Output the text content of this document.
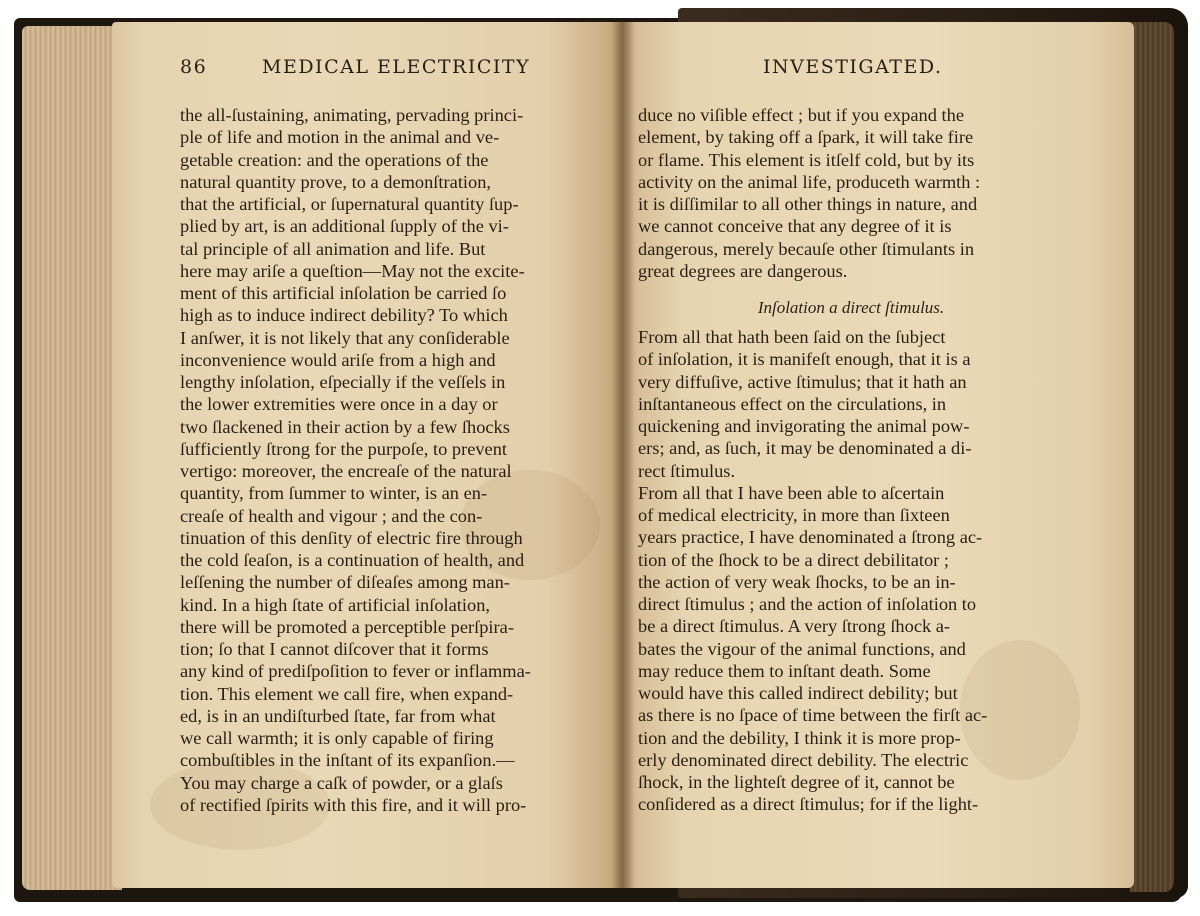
86	MEDICAL ELECTRICITY	INVESTIGATED.
the all-ſustaining, animating, pervading princi-
ple of life and motion in the animal and ve-
getable creation: and the operations of the
natural quantity prove, to a demonſtration,
that the artificial, or ſupernatural quantity ſup-
plied by art, is an additional ſupply of the vi-
tal principle of all animation and life. But
here may ariſe a queſtion—May not the excite-
ment of this artificial inſolation be carried ſo
high as to induce indirect debility? To which
I anſwer, it is not likely that any conſiderable
inconvenience would ariſe from a high and
lengthy inſolation, eſpecially if the veſſels in
the lower extremities were once in a day or
two ſlackened in their action by a few ſhocks
ſufficiently ſtrong for the purpoſe, to prevent
vertigo: moreover, the encreaſe of the natural
quantity, from ſummer to winter, is an en-
creaſe of health and vigour ; and the con-
tinuation of this denſity of electric fire through
the cold ſeaſon, is a continuation of health, and
leſſening the number of diſeaſes among man-
kind. In a high ſtate of artificial inſolation,
there will be promoted a perceptible perſpira-
tion; ſo that I cannot diſcover that it forms
any kind of prediſpoſition to fever or inflamma-
tion. This element we call fire, when expand-
ed, is in an undiſturbed ſtate, far from what
we call warmth; it is only capable of firing
combuſtibles in the inſtant of its expanſion.—
You may charge a caſk of powder, or a glaſs
of rectified ſpirits with this fire, and it will pro-
duce no viſible effect ; but if you expand the
element, by taking off a ſpark, it will take fire
or flame. This element is itſelf cold, but by its
activity on the animal life, produceth warmth :
it is diſſimilar to all other things in nature, and
we cannot conceive that any degree of it is
dangerous, merely becauſe other ſtimulants in
great degrees are dangerous.
Inſolation a direct ſtimulus.
From all that hath been ſaid on the ſubject
of inſolation, it is manifeſt enough, that it is a
very diffuſive, active ſtimulus; that it hath an
inſtantaneous effect on the circulations, in
quickening and invigorating the animal pow-
ers; and, as ſuch, it may be denominated a di-
rect ſtimulus.
From all that I have been able to aſcertain
of medical electricity, in more than ſixteen
years practice, I have denominated a ſtrong ac-
tion of the ſhock to be a direct debilitator ;
the action of very weak ſhocks, to be an in-
direct ſtimulus ; and the action of inſolation to
be a direct ſtimulus. A very ſtrong ſhock a-
bates the vigour of the animal functions, and
may reduce them to inſtant death. Some
would have this called indirect debility; but
as there is no ſpace of time between the firſt ac-
tion and the debility, I think it is more prop-
erly denominated direct debility. The electric
ſhock, in the lighteſt degree of it, cannot be
conſidered as a direct ſtimulus; for if the light-
